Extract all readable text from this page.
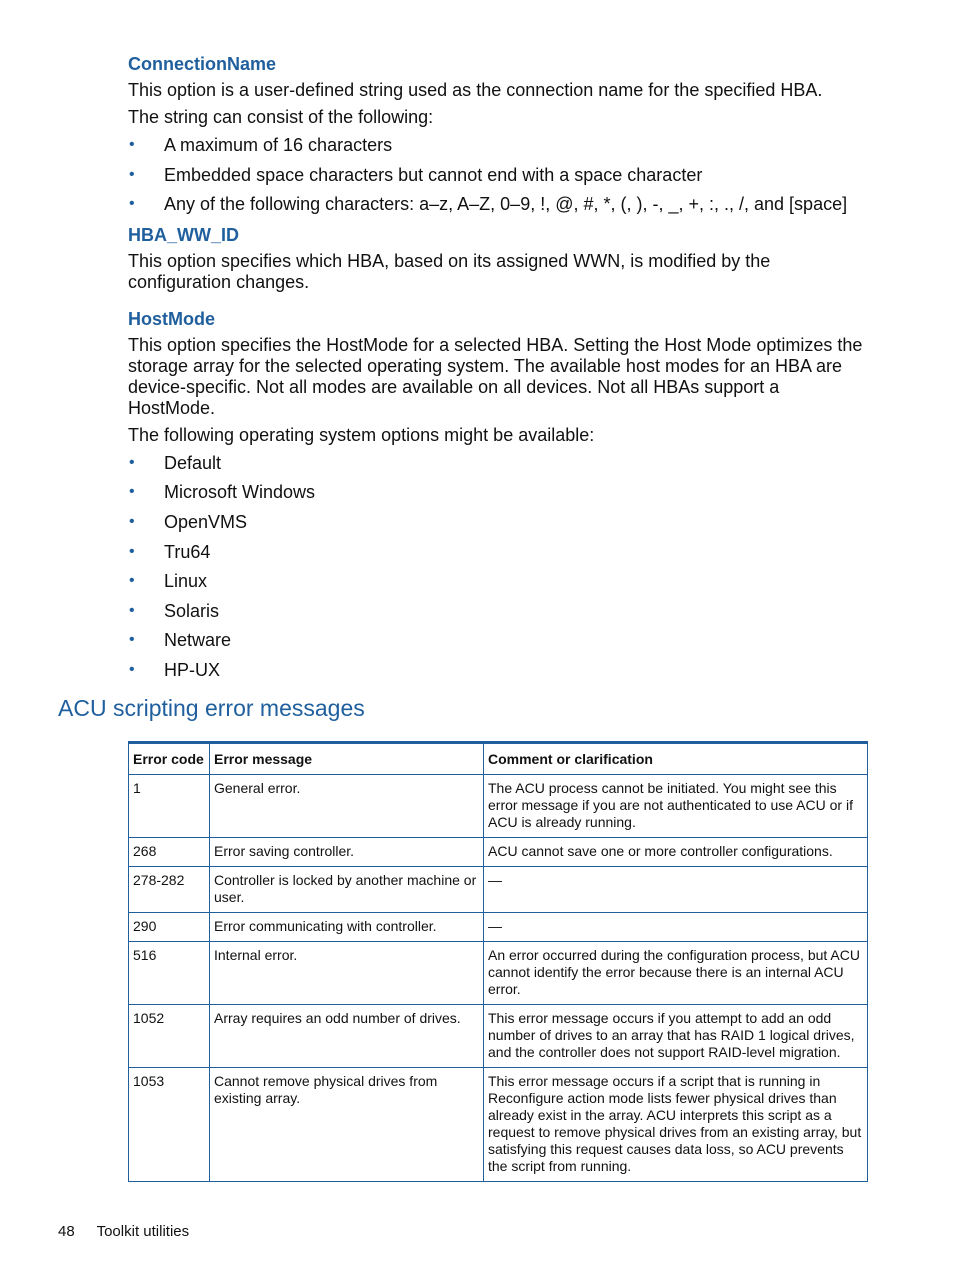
ConnectionName

This option is a user-defined string used as the connection name for the specified HBA.

The string can consist of the following:

• A maximum of 16 characters
• Embedded space characters but cannot end with a space character
• Any of the following characters: a–z, A–Z, 0–9, !, @, #, *, (, ), -, _, +, :, ., /, and [space]
HBA_WW_ID

This option specifies which HBA, based on its assigned WWN, is modified by the configuration changes.

HostMode

This option specifies the HostMode for a selected HBA. Setting the Host Mode optimizes the storage array for the selected operating system. The available host modes for an HBA are device-specific. Not all modes are available on all devices. Not all HBAs support a HostMode.

The following operating system options might be available:

• Default
• Microsoft Windows
• OpenVMS
• Tru64
• Linux
• Solaris
• Netware
• HP-UX
ACU scripting error messages
Error code	Error message	Comment or clarification
1	General error.	The ACU process cannot be initiated. You might see this error message if you are not authenticated to use ACU or if ACU is already running.
268	Error saving controller.	ACU cannot save one or more controller configurations.
278-282	Controller is locked by another machine or user.	—
290	Error communicating with controller.	—
516	Internal error.	An error occurred during the configuration process, but ACU cannot identify the error because there is an internal ACU error.
1052	Array requires an odd number of drives.	This error message occurs if you attempt to add an odd number of drives to an array that has RAID 1 logical drives, and the controller does not support RAID-level migration.
1053	Cannot remove physical drives from existing array.	This error message occurs if a script that is running in Reconfigure action mode lists fewer physical drives than already exist in the array. ACU interprets this script as a request to remove physical drives from an existing array, but satisfying this request causes data loss, so ACU prevents the script from running.
48 Toolkit utilities
